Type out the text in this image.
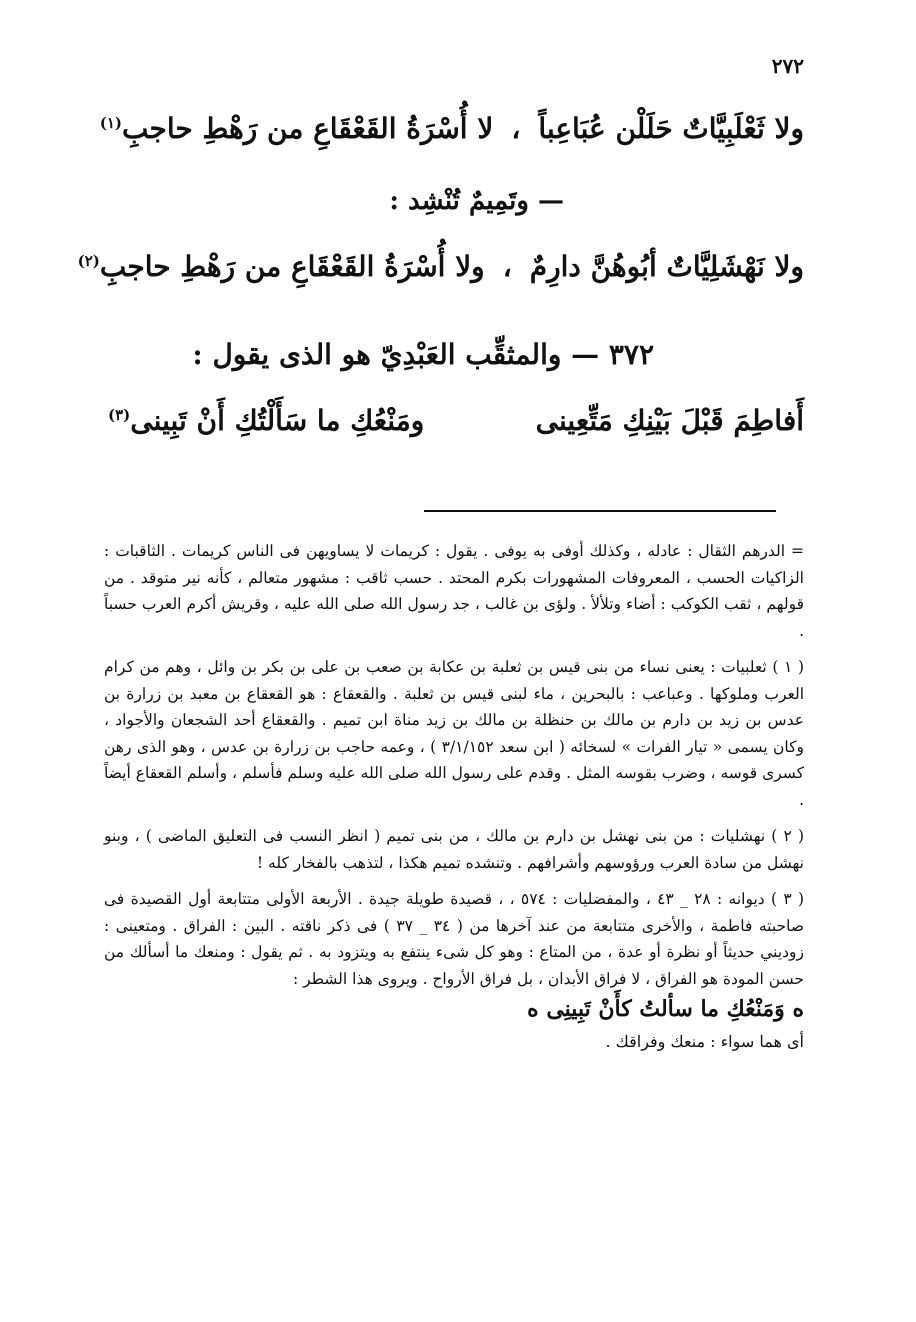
٢٧٢
ولا ثَعْلَبِيَّاتٌ حَلَلْن عُبَاعِباً
،
لا أُسْرَةُ القَعْقَاعِ من رَهْطِ حاجبِ$^{(١)}$
— وتَمِيمٌ تُنْشِد :
ولا نَهْشَلِيَّاتٌ أبُوهُنَّ دارِمٌ
،
ولا أُسْرَةُ القَعْقَاعِ من رَهْطِ حاجبِ$^{(٢)}$
٣٧٢ — والمثقِّب العَبْدِيّ هو الذى يقول :
أَفاطِمَ قَبْلَ بَيْنِكِ مَتِّعِينى
ومَنْعُكِ ما سَأَلْتُكِ أَنْ تَبِينى$^{(٣)}$

= الدرهم الثقال : عادله ، وكذلك أوفى به يوفى . يقول : كريمات لا يساويهن فى الناس كريمات . الثاقبات : الزاكيات الحسب ، المعروفات المشهورات بكرم المحتد . حسب ثاقب : مشهور متعالم ، كأنه نير متوقد . من قولهم ، ثقب الكوكب : أضاء وتلألأ . ولؤى بن غالب ، جد رسول الله صلى الله عليه ، وقريش أكرم العرب حسباً .

( ١ ) ثعلبيات : يعنى نساء من بنى قيس بن ثعلبة بن عكابة بن صعب بن على بن بكر بن وائل ، وهم من كرام العرب وملوكها . وعباعب : بالبحرين ، ماء لبنى قيس بن ثعلبة . والقعقاع : هو القعقاع بن معبد بن زرارة بن عدس بن زيد بن دارم بن مالك بن حنظلة بن مالك بن زيد مناة ابن تميم . والقعقاع أحد الشجعان والأجواد ، وكان يسمى « تيار الفرات » لسخائه ( ابن سعد ٣/١/١٥٢ ) ، وعمه حاجب بن زرارة بن عدس ، وهو الذى رهن كسرى قوسه ، وضرب بقوسه المثل . وقدم على رسول الله صلى الله عليه وسلم فأسلم ، وأسلم القعقاع أيضاً .

( ٢ ) نهشليات : من بنى نهشل بن دارم بن مالك ، من بنى تميم ( انظر النسب فى التعليق الماضى ) ، وبنو نهشل من سادة العرب ورؤوسهم وأشرافهم . وتنشده تميم هكذا ، لتذهب بالفخار كله !

( ٣ ) ديوانه : ٢٨ _ ٤٣ ، والمفضليات : ٥٧٤ ، ، قصيدة طويلة جيدة . الأربعة الأولى متتابعة أول القصيدة فى صاحبته فاطمة ، والأخرى متتابعة من عند آخرها من ( ٣٤ _ ٣٧ ) فى ذكر ناقته . البين : الفراق . ومتعينى : زوديني حديثاً أو نظرة أو عدة ، من المتاع : وهو كل شىء ينتفع به ويتزود به . ثم يقول : ومنعك ما أسألك من حسن المودة هو الفراق ، لا فراق الأبدان ، بل فراق الأرواح . ويروى هذا الشطر :

ه وَمَنْعُكِ ما سألتُ كأَنْ تَبِينِى ه
أى هما سواء : منعك وفراقك .
